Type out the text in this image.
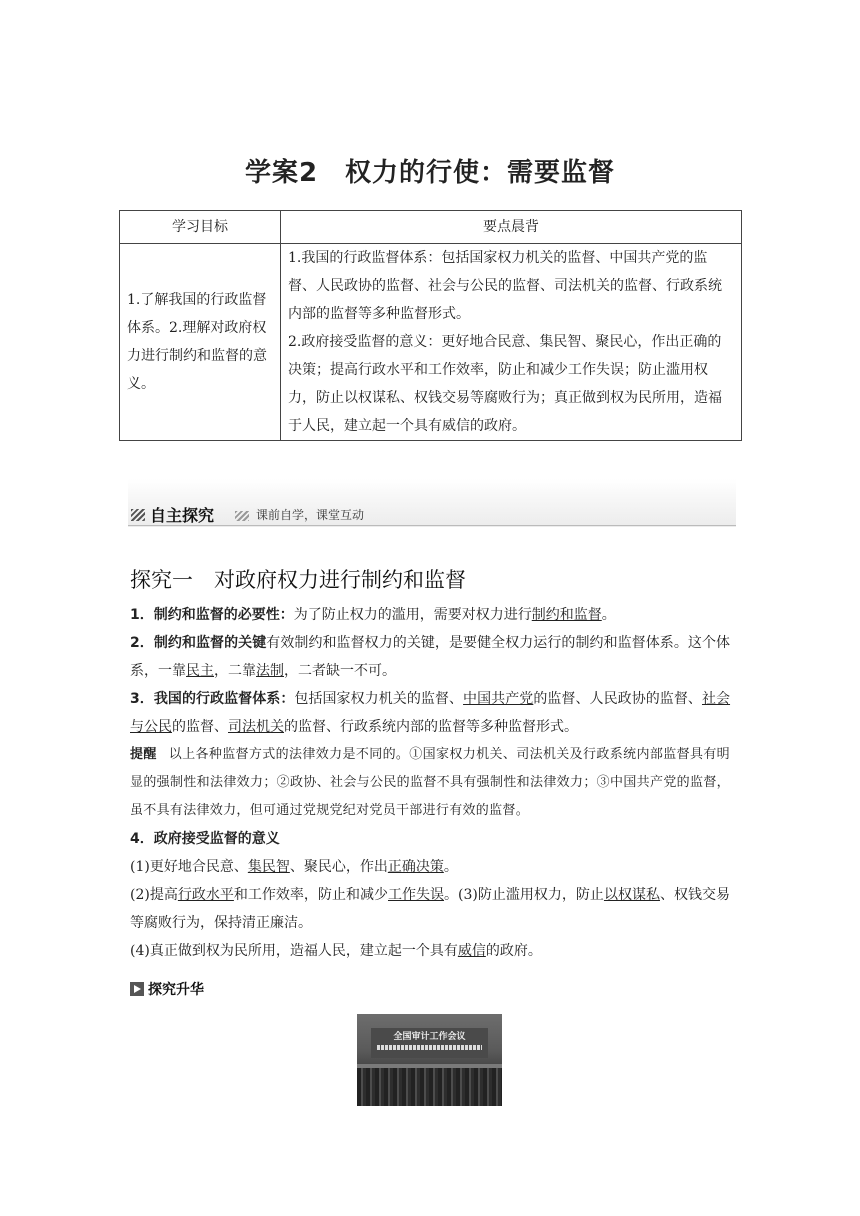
学案2　权力的行使：需要监督
学习目标	要点晨背
1.了解我国的行政监督体系。2.理解对政府权力进行制约和监督的意义。	1.我国的行政监督体系：包括国家权力机关的监督、中国共产党的监督、人民政协的监督、社会与公民的监督、司法机关的监督、行政系统内部的监督等多种监督形式。
2.政府接受监督的意义：更好地合民意、集民智、聚民心，作出正确的决策；提高行政水平和工作效率，防止和减少工作失误；防止滥用权力，防止以权谋私、权钱交易等腐败行为；真正做到权为民所用，造福于人民，建立起一个具有威信的政府。
自主探究	课前自学，课堂互动
探究一　对政府权力进行制约和监督

1．制约和监督的必要性：为了防止权力的滥用，需要对权力进行制约和监督。

2．制约和监督的关键有效制约和监督权力的关键，是要健全权力运行的制约和监督体系。这个体系，一靠民主，二靠法制，二者缺一不可。

3．我国的行政监督体系：包括国家权力机关的监督、中国共产党的监督、人民政协的监督、社会与公民的监督、司法机关的监督、行政系统内部的监督等多种监督形式。

提醒 以上各种监督方式的法律效力是不同的。①国家权力机关、司法机关及行政系统内部监督具有明显的强制性和法律效力；②政协、社会与公民的监督不具有强制性和法律效力；③中国共产党的监督，虽不具有法律效力，但可通过党规党纪对党员干部进行有效的监督。

4．政府接受监督的意义

(1)更好地合民意、集民智、聚民心，作出正确决策。

(2)提高行政水平和工作效率，防止和减少工作失误。(3)防止滥用权力，防止以权谋私、权钱交易等腐败行为，保持清正廉洁。

(4)真正做到权为民所用，造福人民，建立起一个具有威信的政府。

探究升华
全国审计工作会议
